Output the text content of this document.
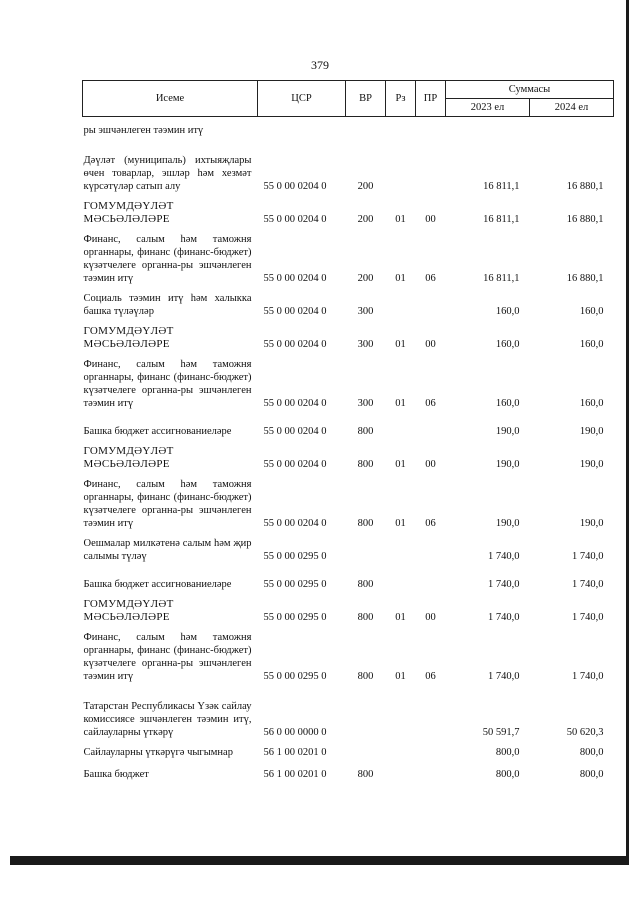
379
Исеме	ЦСР	ВР	Рз	ПР	Суммасы	
					2023 ел	2024 ел
ры эшчәнлеген тәэмин итү						
Дәүләт (муниципаль) ихтыяҗлары өчен товарлар, эшләр һәм хезмәт күрсәтүләр сатып алу	55 0 00 0204 0	200			16 811,1	16 880,1
ГОМУМДӘҮЛӘТ МӘСЬӘЛӘЛӘРЕ	55 0 00 0204 0	200	01	00	16 811,1	16 880,1
Финанс, салым һәм таможня органнары, финанс (финанс-бюджет) күзәтчелеге органна-ры эшчәнлеген тәэмин итү	55 0 00 0204 0	200	01	06	16 811,1	16 880,1
Социаль тәэмин итү һәм халыкка башка түләүләр	55 0 00 0204 0	300			160,0	160,0
ГОМУМДӘҮЛӘТ МӘСЬӘЛӘЛӘРЕ	55 0 00 0204 0	300	01	00	160,0	160,0
Финанс, салым һәм таможня органнары, финанс (финанс-бюджет) күзәтчелеге органна-ры эшчәнлеген тәэмин итү	55 0 00 0204 0	300	01	06	160,0	160,0
Башка бюджет ассигнованиеләре	55 0 00 0204 0	800			190,0	190,0
ГОМУМДӘҮЛӘТ МӘСЬӘЛӘЛӘРЕ	55 0 00 0204 0	800	01	00	190,0	190,0
Финанс, салым һәм таможня органнары, финанс (финанс-бюджет) күзәтчелеге органна-ры эшчәнлеген тәэмин итү	55 0 00 0204 0	800	01	06	190,0	190,0
Оешмалар милкәтенә салым һәм җир салымы түләү	55 0 00 0295 0				1 740,0	1 740,0
Башка бюджет ассигнованиеләре	55 0 00 0295 0	800			1 740,0	1 740,0
ГОМУМДӘҮЛӘТ МӘСЬӘЛӘЛӘРЕ	55 0 00 0295 0	800	01	00	1 740,0	1 740,0
Финанс, салым һәм таможня органнары, финанс (финанс-бюджет) күзәтчелеге органна-ры эшчәнлеген тәэмин итү	55 0 00 0295 0	800	01	06	1 740,0	1 740,0
Татарстан Республикасы Үзәк сайлау комиссиясе эшчәнлеген тәэмин итү, сайлауларны үткәрү	56 0 00 0000 0				50 591,7	50 620,3
Сайлауларны үткәрүгә чыгымнар	56 1 00 0201 0				800,0	800,0
Башка бюджет	56 1 00 0201 0	800			800,0	800,0
